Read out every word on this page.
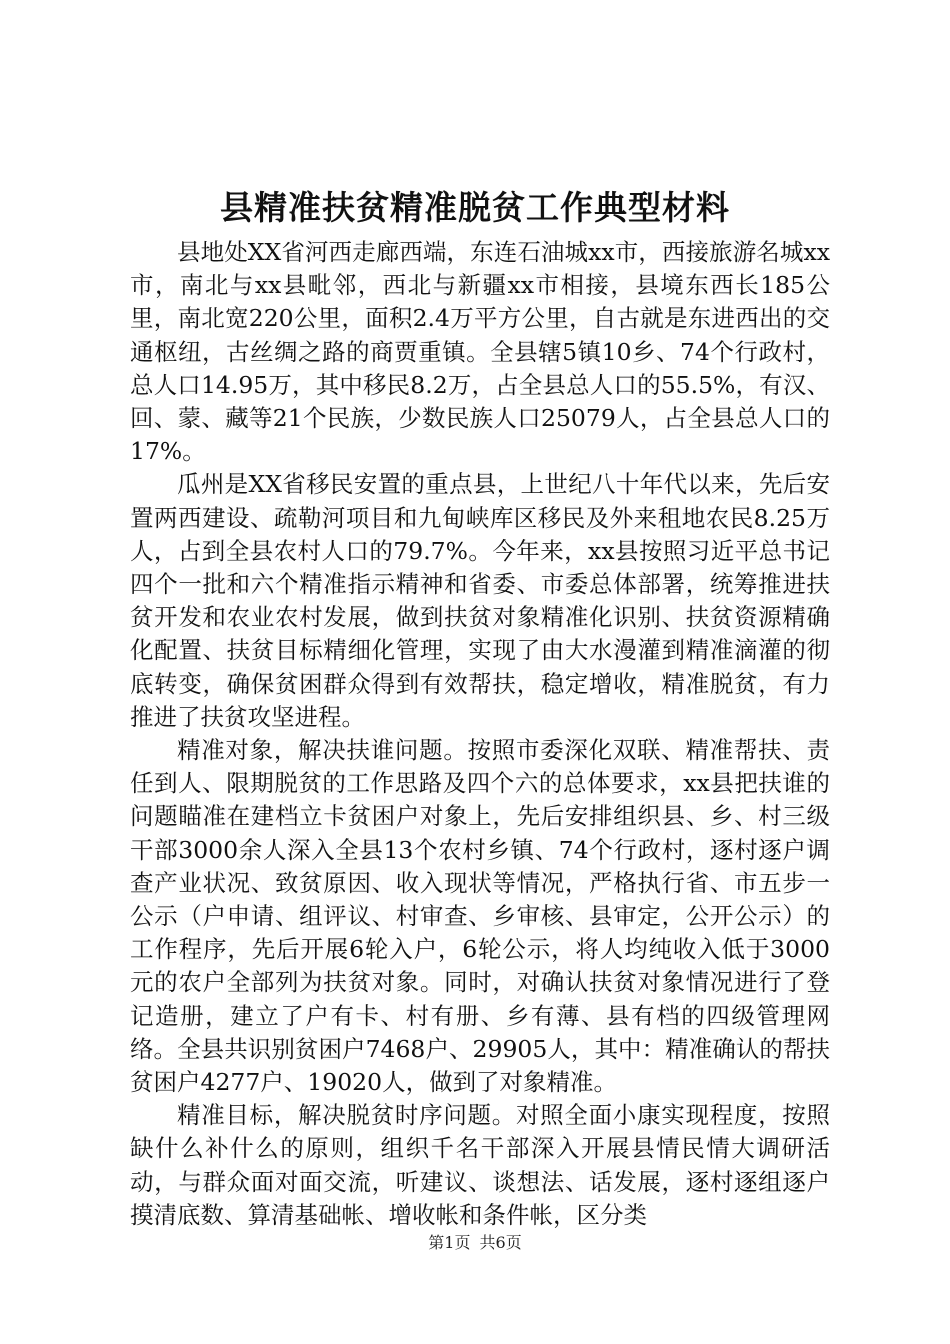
县精准扶贫精准脱贫工作典型材料

县地处XX省河西走廊西端，东连石油城xx市，西接旅游名城xx市，南北与xx县毗邻，西北与新疆xx市相接，县境东西长185公里，南北宽220公里，面积2.4万平方公里，自古就是东进西出的交通枢纽，古丝绸之路的商贾重镇。全县辖5镇10乡、74个行政村，总人口14.95万，其中移民8.2万，占全县总人口的55.5%，有汉、回、蒙、藏等21个民族，少数民族人口25079人，占全县总人口的17%。

瓜州是XX省移民安置的重点县，上世纪八十年代以来，先后安置两西建设、疏勒河项目和九甸峡库区移民及外来租地农民8.25万人，占到全县农村人口的79.7%。今年来，xx县按照习近平总书记四个一批和六个精准指示精神和省委、市委总体部署，统筹推进扶贫开发和农业农村发展，做到扶贫对象精准化识别、扶贫资源精确化配置、扶贫目标精细化管理，实现了由大水漫灌到精准滴灌的彻底转变，确保贫困群众得到有效帮扶，稳定增收，精准脱贫，有力推进了扶贫攻坚进程。

精准对象，解决扶谁问题。按照市委深化双联、精准帮扶、责任到人、限期脱贫的工作思路及四个六的总体要求，xx县把扶谁的问题瞄准在建档立卡贫困户对象上，先后安排组织县、乡、村三级干部3000余人深入全县13个农村乡镇、74个行政村，逐村逐户调查产业状况、致贫原因、收入现状等情况，严格执行省、市五步一公示（户申请、组评议、村审查、乡审核、县审定，公开公示）的工作程序，先后开展6轮入户，6轮公示，将人均纯收入低于3000元的农户全部列为扶贫对象。同时，对确认扶贫对象情况进行了登记造册，建立了户有卡、村有册、乡有薄、县有档的四级管理网络。全县共识别贫困户7468户、29905人，其中：精准确认的帮扶贫困户4277户、19020人，做到了对象精准。

精准目标，解决脱贫时序问题。对照全面小康实现程度，按照缺什么补什么的原则，组织千名干部深入开展县情民情大调研活动，与群众面对面交流，听建议、谈想法、话发展，逐村逐组逐户摸清底数、算清基础帐、增收帐和条件帐，区分类

第1页 共6页
